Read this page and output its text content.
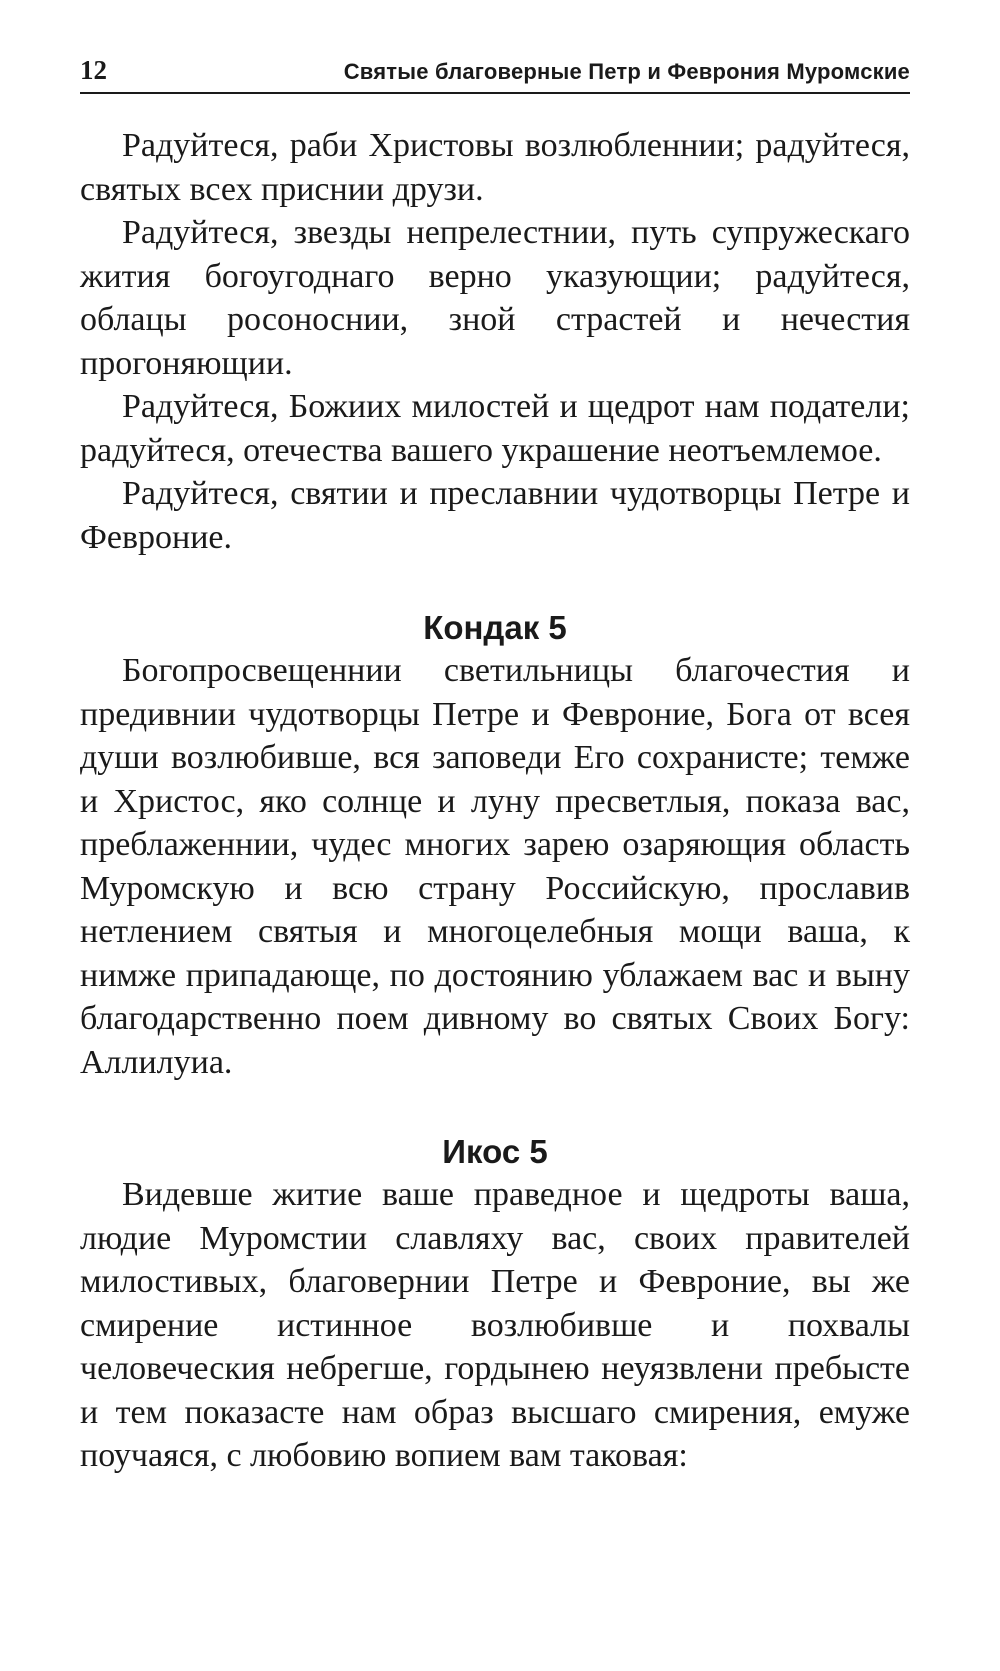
12	Святые благоверные Петр и Феврония Муромские

Радуйтеся, раби Христовы возлюбленнии; радуйтеся, святых всех приснии друзи.

Радуйтеся, звезды непрелестнии, путь супружескаго жития богоугоднаго верно указующии; радуйтеся, облацы росоноснии, зной страстей и нечестия прогоняющии.

Радуйтеся, Божиих милостей и щедрот нам податели; радуйтеся, отечества вашего украшение неотъемлемое.

Радуйтеся, святии и преславнии чудотворцы Петре и Февроние.

Кондак 5

Богопросвещеннии светильницы благочестия и предивнии чудотворцы Петре и Февроние, Бога от всея души возлюбивше, вся заповеди Его сохранисте; темже и Христос, яко солнце и луну пресветлыя, показа вас, преблаженнии, чудес многих зарею озаряющия область Муромскую и всю страну Российскую, прославив нетлением святыя и многоцелебныя мощи ваша, к нимже припадающе, по достоянию ублажаем вас и выну благодарственно поем дивному во святых Своих Богу: Аллилуиа.

Икос 5

Видевше житие ваше праведное и щедроты ваша, людие Муромстии славляху вас, своих правителей милостивых, благовернии Петре и Февроние, вы же смирение истинное возлюбивше и похвалы человеческия небрегше, гордынею неуязвлени пребысте и тем показасте нам образ высшаго смирения, емуже поучаяся, с любовию вопием вам таковая:
